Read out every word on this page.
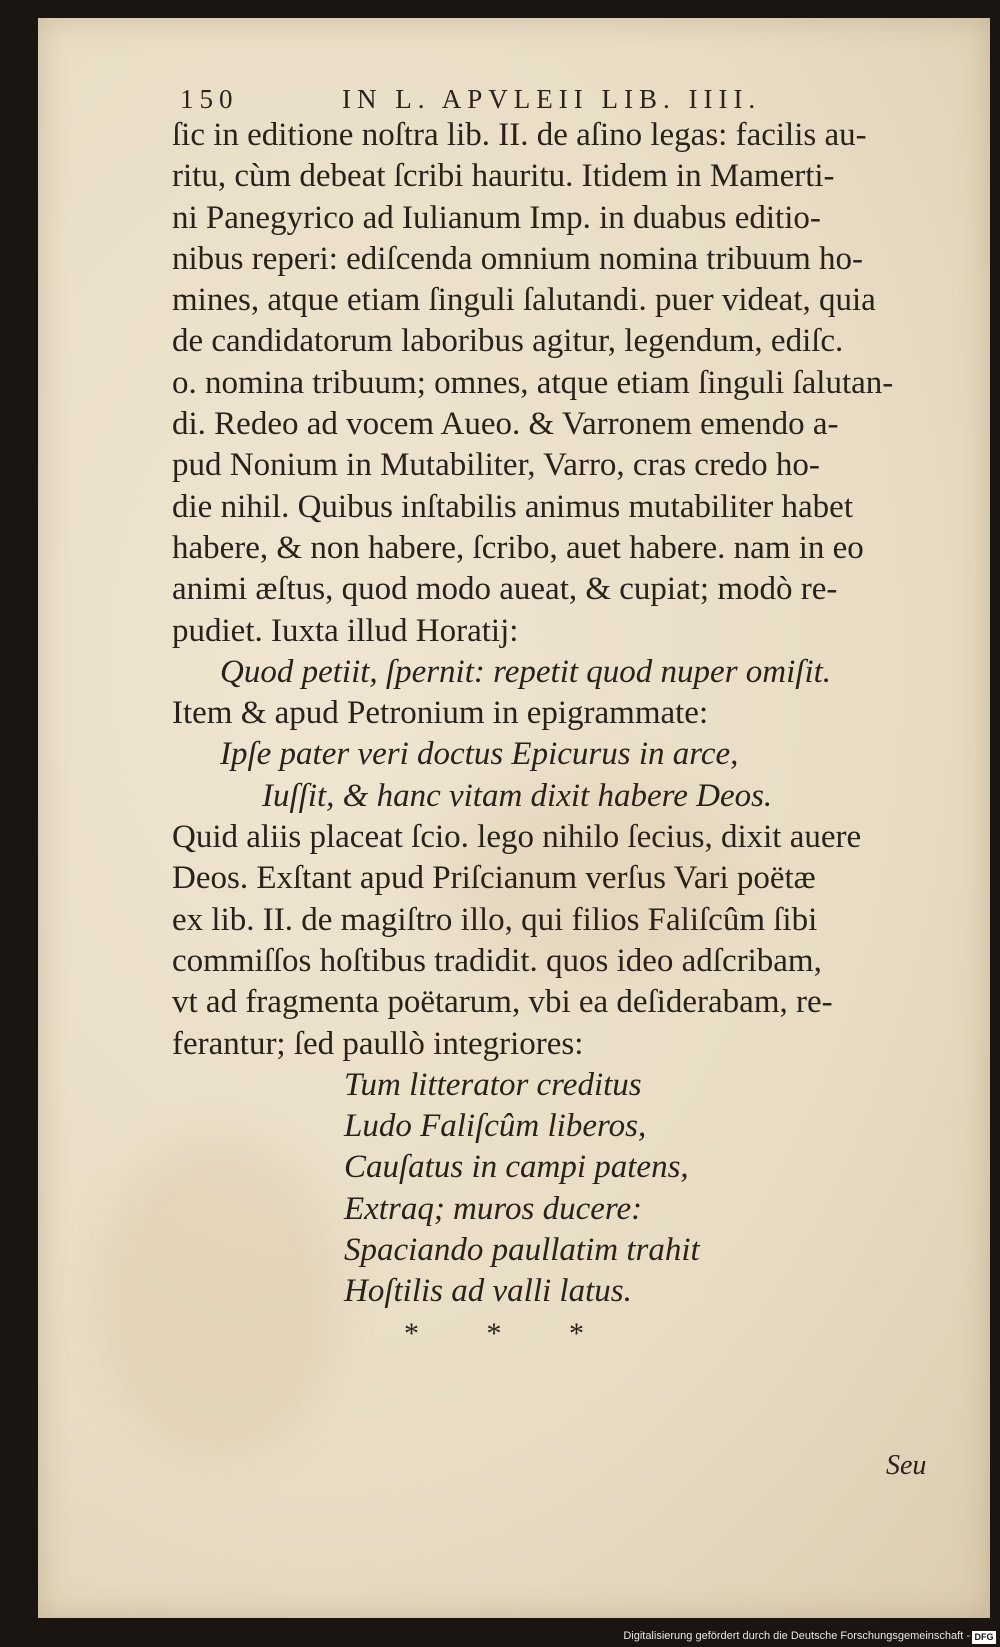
150	IN L. APVLEII LIB. IIII.

ſic in editione noſtra lib. II. de aſino legas: facilis au-

ritu, cùm debeat ſcribi hauritu. Itidem in Mamerti-

ni Panegyrico ad Iulianum Imp. in duabus editio-

nibus reperi: ediſcenda omnium nomina tribuum ho-

mines, atque etiam ſinguli ſalutandi. puer videat, quia

de candidatorum laboribus agitur, legendum, ediſc.

o. nomina tribuum; omnes, atque etiam ſinguli ſalutan-

di. Redeo ad vocem Aueo. & Varronem emendo a-

pud Nonium in Mutabiliter, Varro, cras credo ho-

die nihil. Quibus inſtabilis animus mutabiliter habet

habere, & non habere, ſcribo, auet habere. nam in eo

animi æſtus, quod modo aueat, & cupiat; modò re-

pudiet. Iuxta illud Horatij:

Quod petiit, ſpernit: repetit quod nuper omiſit.

Item & apud Petronium in epigrammate:

Ipſe pater veri doctus Epicurus in arce,

Iuſſit, & hanc vitam dixit habere Deos.

Quid aliis placeat ſcio. lego nihilo ſecius, dixit auere

Deos. Exſtant apud Priſcianum verſus Vari poëtæ

ex lib. II. de magiſtro illo, qui filios Faliſcûm ſibi

commiſſos hoſtibus tradidit. quos ideo adſcribam,

vt ad fragmenta poëtarum, vbi ea deſiderabam, re-

ferantur; ſed paullò integriores:

Tum litterator creditus

Ludo Faliſcûm liberos,

Cauſatus in campi patens,

Extraq; muros ducere:

Spaciando paullatim trahit

Hoſtilis ad valli latus.

* * *

Seu
Digitalisierung gefördert durch die Deutsche Forschungsgemeinschaft - DFG
